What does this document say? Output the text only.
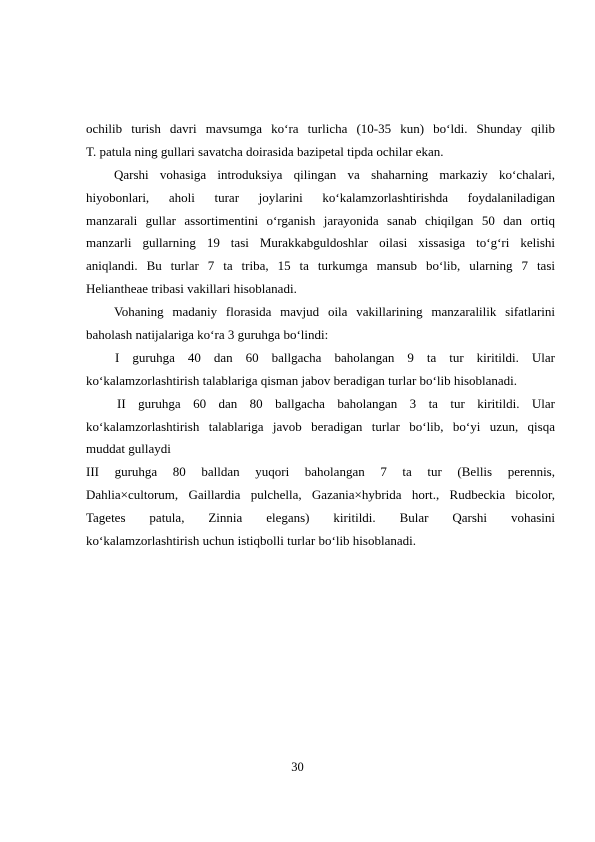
ochilib turish davri mavsumga ko‘ra turlicha (10-35 kun) bo‘ldi. Shunday qilib
T. patula ning gullari savatcha doirasida bazipetal tipda ochilar ekan.
Qarshi vohasiga introduksiya qilingan va shaharning markaziy ko‘chalari,
hiyobonlari, aholi turar joylarini ko‘kalamzorlashtirishda foydalaniladigan
manzarali gullar assortimentini o‘rganish jarayonida sanab chiqilgan 50 dan ortiq
manzarli gullarning 19 tasi Murakkabguldoshlar oilasi xissasiga to‘g‘ri kelishi
aniqlandi. Bu turlar 7 ta triba, 15 ta turkumga mansub bo‘lib, ularning 7 tasi
Heliantheae tribasi vakillari hisoblanadi.
Vohaning madaniy florasida mavjud oila vakillarining manzaralilik sifatlarini
baholash natijalariga ko‘ra 3 guruhga bo‘lindi:
I guruhga 40 dan 60 ballgacha baholangan 9 ta tur kiritildi. Ular
ko‘kalamzorlashtirish talablariga qisman jabov beradigan turlar bo‘lib hisoblanadi.
II guruhga 60 dan 80 ballgacha baholangan 3 ta tur kiritildi. Ular
ko‘kalamzorlashtirish talablariga javob beradigan turlar bo‘lib, bo‘yi uzun, qisqa
muddat gullaydi
III guruhga 80 balldan yuqori baholangan 7 ta tur (Bellis perennis,
Dahlia×cultorum, Gaillardia pulchella, Gazania×hybrida hort., Rudbeckia bicolor,
Tagetes patula, Zinnia elegans) kiritildi. Bular Qarshi vohasini
ko‘kalamzorlashtirish uchun istiqbolli turlar bo‘lib hisoblanadi.
30
